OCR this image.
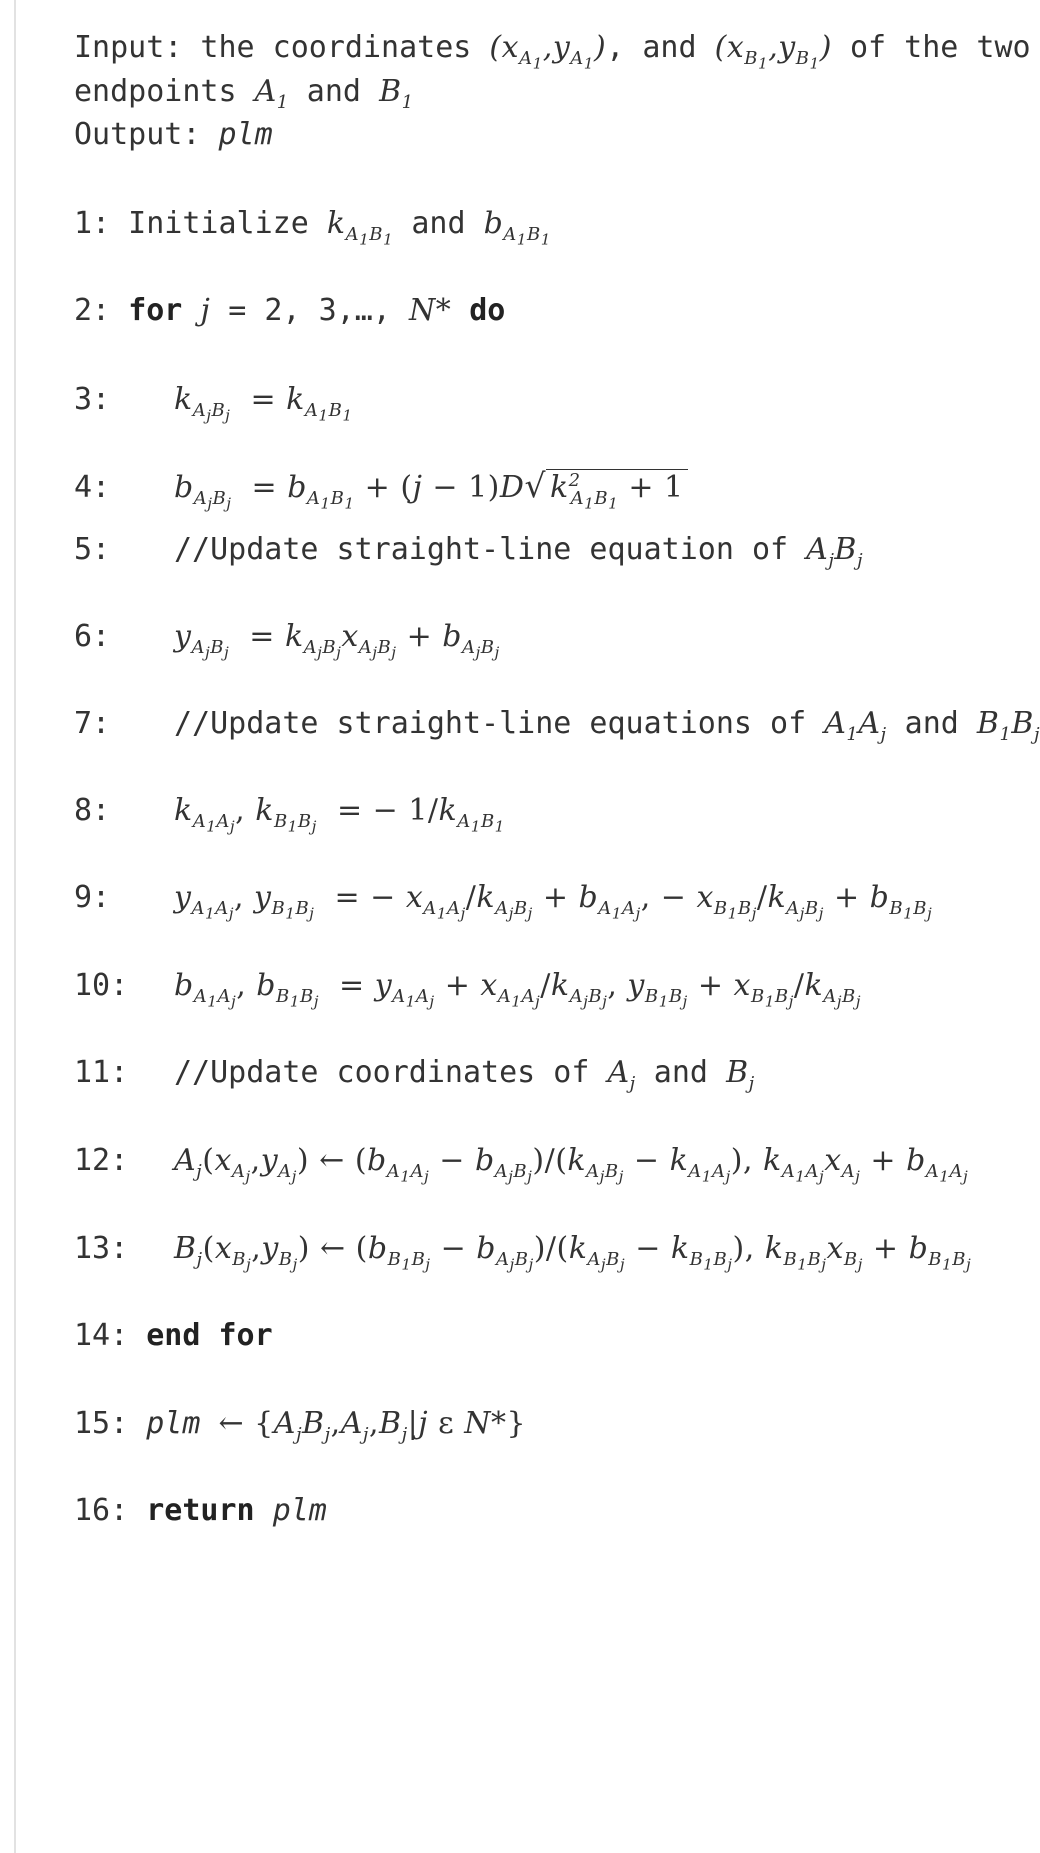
Input: the coordinates $(x_{A_1},y_{A_1})$, and $(x_{B_1},y_{B_1})$ of the two
endpoints $A_1$ and $B_1$
Output: plm
1: Initialize $k_{A_1B_1}$ and $b_{A_1B_1}$
2: for j = 2, 3,…, N* do
3: $k_{A_jB_j} = k_{A_1B_1}$
4: $b_{A_jB_j} = b_{A_1B_1} + (j - 1)D√$ $k^2_{A_1B_1} + 1$
5: //Update straight-line equation of $A_jB_j$
6: $y_{A_jB_j} = k_{A_jB_j}x_{A_jB_j} + b_{A_jB_j}$
7: //Update straight-line equations of $A_1A_j$ and $B_1B_j$
8: $k_{A_1A_j}$, $k_{B_1B_j}$ = − $1/k_{A_1B_1}$
9: $y_{A_1A_j}$, $y_{B_1B_j}$ = − $x_{A_1A_j}/k_{A_jB_j} + b_{A_1A_j}$, − $x_{B_1B_j}/k_{A_jB_j} + b_{B_1B_j}$
10: $b_{A_1A_j}$, $b_{B_1B_j} = y_{A_1A_j} + x_{A_1A_j}/k_{A_jB_j}$, $y_{B_1B_j} + x_{B_1B_j}/k_{A_jB_j}$
11: //Update coordinates of $A_j$ and $B_j$
12: $A_j(x_{A_j},y_{A_j})$ ← $(b_{A_1A_j} - b_{A_jB_j})/(k_{A_jB_j} - k_{A_1A_j})$, $k_{A_1A_j}x_{A_j} + b_{A_1A_j}$
13: $B_j(x_{B_j},y_{B_j})$ ← $(b_{B_1B_j} - b_{A_jB_j})/(k_{A_jB_j} - k_{B_1B_j})$, $k_{B_1B_j}x_{B_j} + b_{B_1B_j}$
14: end for
15: plm ← {$A_jB_j,A_j,B_j|j$ ε N*}
16: return plm
